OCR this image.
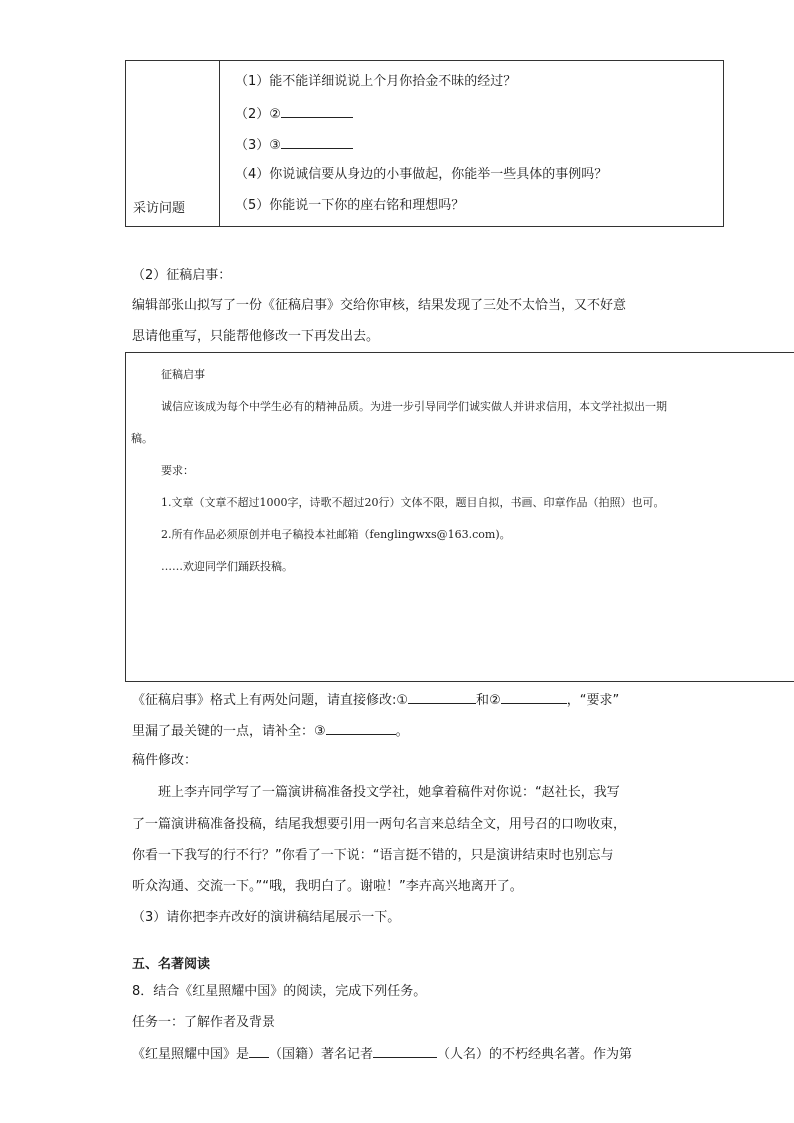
采访问题	
（1）能不能详细说说上个月你拾金不昧的经过？
（2）②
（3）③
（4）你说诚信要从身边的小事做起，你能举一些具体的事例吗？
（5）你能说一下你的座右铭和理想吗？
（2）征稿启事：
编辑部张山拟写了一份《征稿启事》交给你审核，结果发现了三处不太恰当，又不好意
思请他重写，只能帮他修改一下再发出去。
征稿启事
诚信应该成为每个中学生必有的精神品质。为进一步引导同学们诚实做人并讲求信用，本文学社拟出一期
稿。
要求：
1.文章（文章不超过1000字，诗歌不超过20行）文体不限，题目自拟，书画、印章作品（拍照）也可。
2.所有作品必须原创并电子稿投本社邮箱（fenglingwxs@163.com)。
……欢迎同学们踊跃投稿。
《征稿启事》格式上有两处问题，请直接修改:①	和②	，“要求”
里漏了最关键的一点，请补全：③	。
稿件修改：
班上李卉同学写了一篇演讲稿准备投文学社，她拿着稿件对你说：“赵社长，我写
了一篇演讲稿准备投稿，结尾我想要引用一两句名言来总结全文，用号召的口吻收束，
你看一下我写的行不行？”你看了一下说：“语言挺不错的，只是演讲结束时也别忘与
听众沟通、交流一下。”“哦，我明白了。谢啦！”李卉高兴地离开了。
（3）请你把李卉改好的演讲稿结尾展示一下。
五、名著阅读
8．结合《红星照耀中国》的阅读，完成下列任务。
任务一：了解作者及背景
《红星照耀中国》是 （国籍）著名记者	（人名）的不朽经典名著。作为第
